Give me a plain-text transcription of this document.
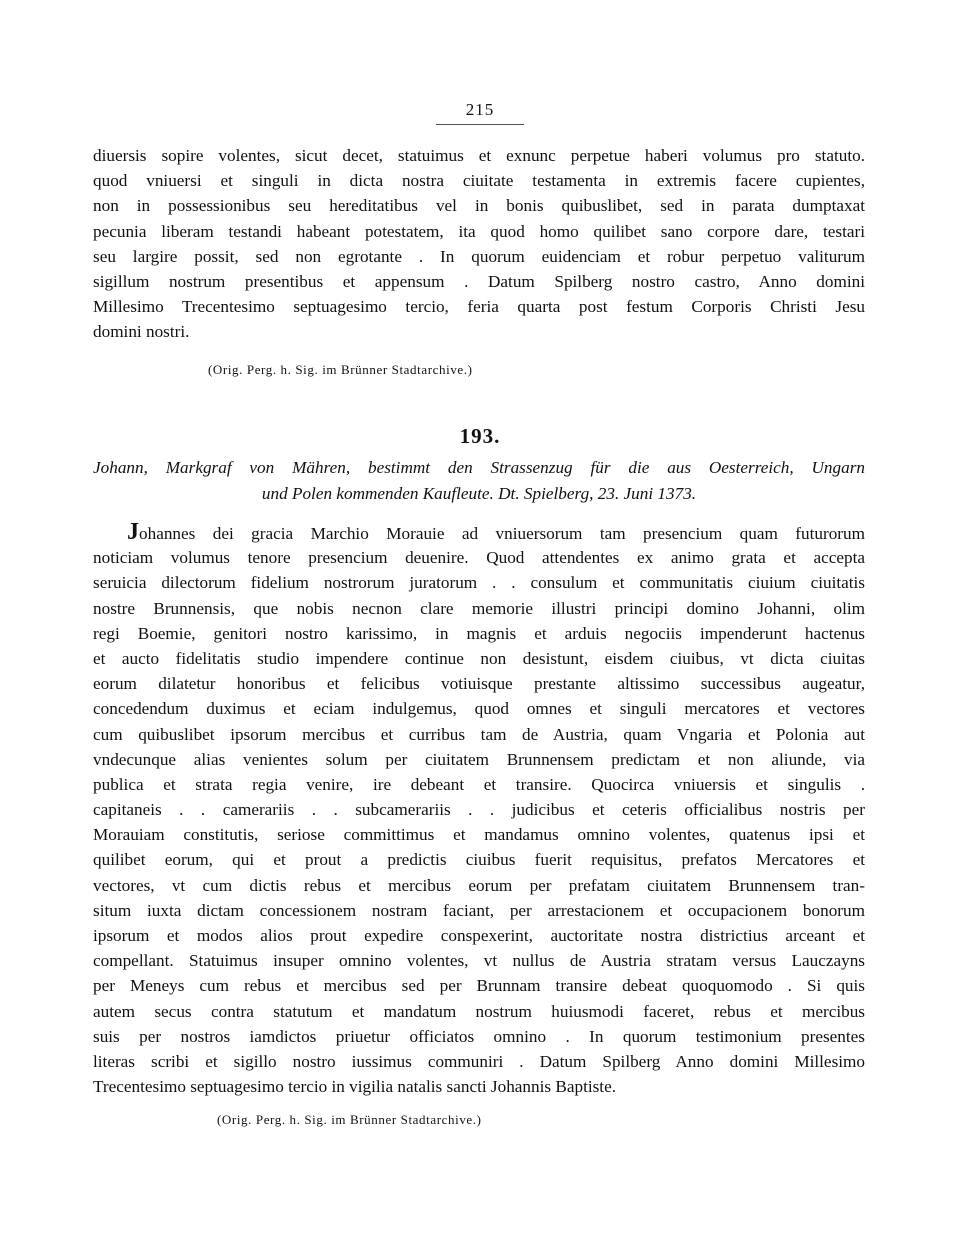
215
diuersis sopire volentes, sicut decet, statuimus et exnunc perpetue haberi volumus pro statuto.
quod vniuersi et singuli in dicta nostra ciuitate testamenta in extremis facere cupientes,
non in possessionibus seu hereditatibus vel in bonis quibuslibet, sed in parata dumptaxat
pecunia liberam testandi habeant potestatem, ita quod homo quilibet sano corpore dare, testari
seu largire possit, sed non egrotante . In quorum euidenciam et robur perpetuo valiturum
sigillum nostrum presentibus et appensum . Datum Spilberg nostro castro, Anno domini
Millesimo Trecentesimo septuagesimo tercio, feria quarta post festum Corporis Christi Jesu
domini nostri.
(Orig. Perg. h. Sig. im Brünner Stadtarchive.)
193.
Johann, Markgraf von Mähren, bestimmt den Strassenzug für die aus Oesterreich, Ungarn
und Polen kommenden Kaufleute. Dt. Spielberg, 23. Juni 1373.
Johannes dei gracia Marchio Morauie ad vniuersorum tam presencium quam futurorum
noticiam volumus tenore presencium deuenire. Quod attendentes ex animo grata et accepta
seruicia dilectorum fidelium nostrorum juratorum . . consulum et communitatis ciuium ciuitatis
nostre Brunnensis, que nobis necnon clare memorie illustri principi domino Johanni, olim
regi Boemie, genitori nostro karissimo, in magnis et arduis negociis impenderunt hactenus
et aucto fidelitatis studio impendere continue non desistunt, eisdem ciuibus, vt dicta ciuitas
eorum dilatetur honoribus et felicibus votiuisque prestante altissimo successibus augeatur,
concedendum duximus et eciam indulgemus, quod omnes et singuli mercatores et vectores
cum quibuslibet ipsorum mercibus et curribus tam de Austria, quam Vngaria et Polonia aut
vndecunque alias venientes solum per ciuitatem Brunnensem predictam et non aliunde, via
publica et strata regia venire, ire debeant et transire. Quocirca vniuersis et singulis .
capitaneis . . camerariis . . subcamerariis . . judicibus et ceteris officialibus nostris per
Morauiam constitutis, seriose committimus et mandamus omnino volentes, quatenus ipsi et
quilibet eorum, qui et prout a predictis ciuibus fuerit requisitus, prefatos Mercatores et
vectores, vt cum dictis rebus et mercibus eorum per prefatam ciuitatem Brunnensem tran-
situm iuxta dictam concessionem nostram faciant, per arrestacionem et occupacionem bonorum
ipsorum et modos alios prout expedire conspexerint, auctoritate nostra districtius arceant et
compellant. Statuimus insuper omnino volentes, vt nullus de Austria stratam versus Lauczayns
per Meneys cum rebus et mercibus sed per Brunnam transire debeat quoquomodo . Si quis
autem secus contra statutum et mandatum nostrum huiusmodi faceret, rebus et mercibus
suis per nostros iamdictos priuetur officiatos omnino . In quorum testimonium presentes
literas scribi et sigillo nostro iussimus communiri . Datum Spilberg Anno domini Millesimo
Trecentesimo septuagesimo tercio in vigilia natalis sancti Johannis Baptiste.
(Orig. Perg. h. Sig. im Brünner Stadtarchive.)
